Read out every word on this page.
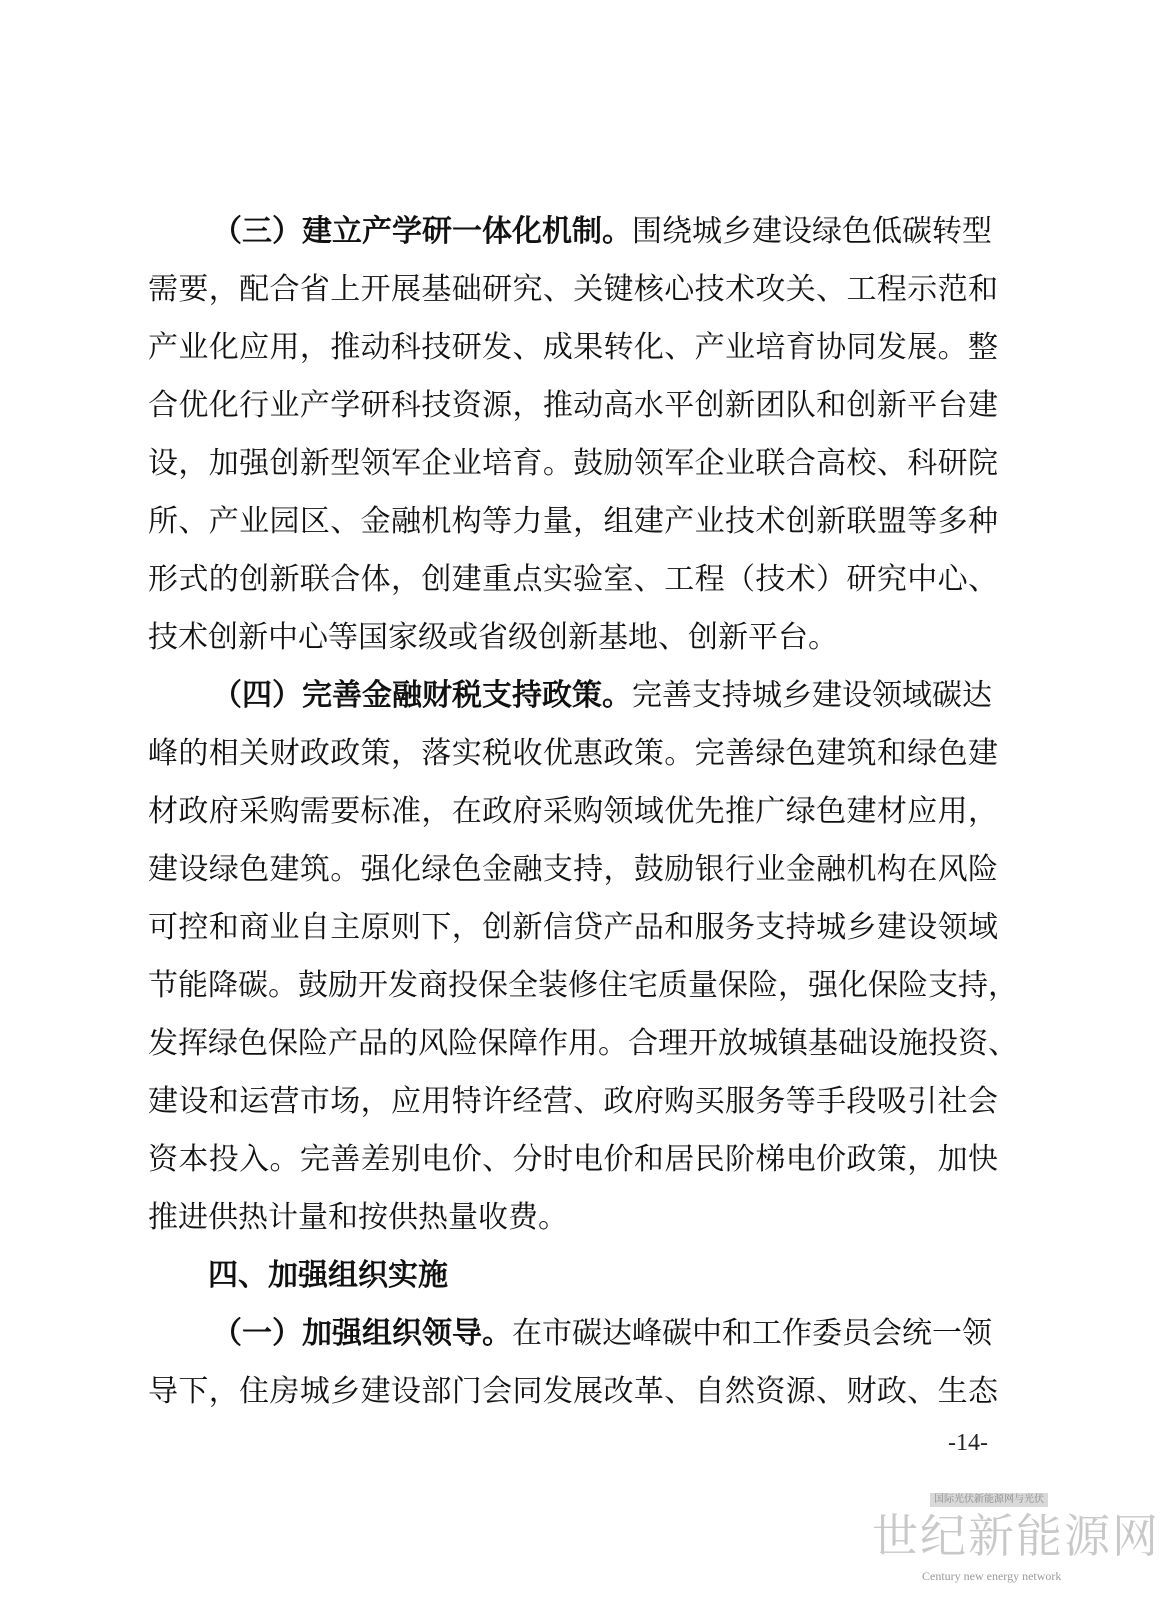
（三）建立产学研一体化机制。围绕城乡建设绿色低碳转型
需要，配合省上开展基础研究、关键核心技术攻关、工程示范和
产业化应用，推动科技研发、成果转化、产业培育协同发展。整
合优化行业产学研科技资源，推动高水平创新团队和创新平台建
设，加强创新型领军企业培育。鼓励领军企业联合高校、科研院
所、产业园区、金融机构等力量，组建产业技术创新联盟等多种
形式的创新联合体，创建重点实验室、工程（技术）研究中心、
技术创新中心等国家级或省级创新基地、创新平台。
（四）完善金融财税支持政策。完善支持城乡建设领域碳达
峰的相关财政政策，落实税收优惠政策。完善绿色建筑和绿色建
材政府采购需要标准，在政府采购领域优先推广绿色建材应用，
建设绿色建筑。强化绿色金融支持，鼓励银行业金融机构在风险
可控和商业自主原则下，创新信贷产品和服务支持城乡建设领域
节能降碳。鼓励开发商投保全装修住宅质量保险，强化保险支持，
发挥绿色保险产品的风险保障作用。合理开放城镇基础设施投资、
建设和运营市场，应用特许经营、政府购买服务等手段吸引社会
资本投入。完善差别电价、分时电价和居民阶梯电价政策，加快
推进供热计量和按供热量收费。
四、加强组织实施
（一）加强组织领导。在市碳达峰碳中和工作委员会统一领
导下，住房城乡建设部门会同发展改革、自然资源、财政、生态
-14-
国际光伏新能源网与光伏
世纪新能源网
Century new energy network
